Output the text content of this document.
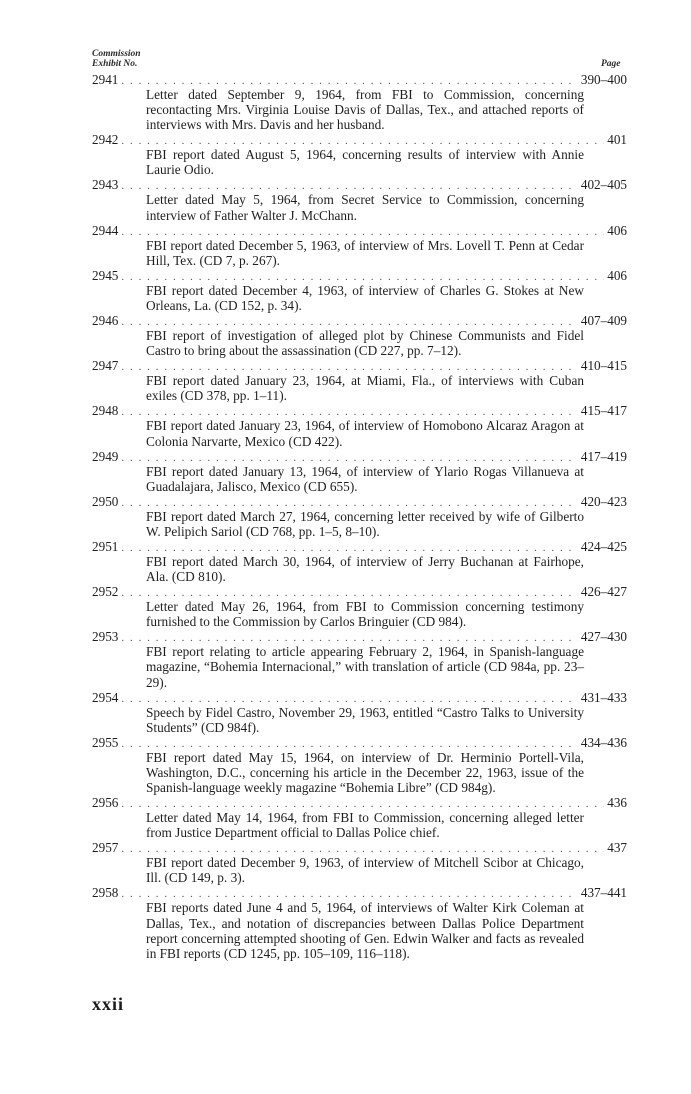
Commission
Exhibit No.	Page
2941 . . .	390–400
Letter dated September 9, 1964, from FBI to Commission, concerning recontacting Mrs. Virginia Louise Davis of Dallas, Tex., and attached reports of interviews with Mrs. Davis and her husband.
2942 . . .	401
FBI report dated August 5, 1964, concerning results of interview with Annie Laurie Odio.
2943 . . .	402–405
Letter dated May 5, 1964, from Secret Service to Commission, concerning interview of Father Walter J. McChann.
2944 . . .	406
FBI report dated December 5, 1963, of interview of Mrs. Lovell T. Penn at Cedar Hill, Tex. (CD 7, p. 267).
2945 . . .	406
FBI report dated December 4, 1963, of interview of Charles G. Stokes at New Orleans, La. (CD 152, p. 34).
2946 . . .	407–409
FBI report of investigation of alleged plot by Chinese Communists and Fidel Castro to bring about the assassination (CD 227, pp. 7–12).
2947 . . .	410–415
FBI report dated January 23, 1964, at Miami, Fla., of interviews with Cuban exiles (CD 378, pp. 1–11).
2948 . . .	415–417
FBI report dated January 23, 1964, of interview of Homobono Alcaraz Aragon at Colonia Narvarte, Mexico (CD 422).
2949 . . .	417–419
FBI report dated January 13, 1964, of interview of Ylario Rogas Villanueva at Guadalajara, Jalisco, Mexico (CD 655).
2950 . . .	420–423
FBI report dated March 27, 1964, concerning letter received by wife of Gilberto W. Pelipich Sariol (CD 768, pp. 1–5, 8–10).
2951 . . .	424–425
FBI report dated March 30, 1964, of interview of Jerry Buchanan at Fairhope, Ala. (CD 810).
2952 . . .	426–427
Letter dated May 26, 1964, from FBI to Commission concerning testimony furnished to the Commission by Carlos Bringuier (CD 984).
2953 . . .	427–430
FBI report relating to article appearing February 2, 1964, in Spanish-language magazine, “Bohemia Internacional,” with translation of article (CD 984a, pp. 23–29).
2954 . . .	431–433
Speech by Fidel Castro, November 29, 1963, entitled “Castro Talks to University Students” (CD 984f).
2955 . . .	434–436
FBI report dated May 15, 1964, on interview of Dr. Herminio Portell-Vila, Washington, D.C., concerning his article in the December 22, 1963, issue of the Spanish-language weekly magazine “Bohemia Libre” (CD 984g).
2956 . . .	436
Letter dated May 14, 1964, from FBI to Commission, concerning alleged letter from Justice Department official to Dallas Police chief.
2957 . . .	437
FBI report dated December 9, 1963, of interview of Mitchell Scibor at Chicago, Ill. (CD 149, p. 3).
2958 . . .	437–441
FBI reports dated June 4 and 5, 1964, of interviews of Walter Kirk Coleman at Dallas, Tex., and notation of discrepancies between Dallas Police Department report concerning attempted shooting of Gen. Edwin Walker and facts as revealed in FBI reports (CD 1245, pp. 105–109, 116–118).
xxii
